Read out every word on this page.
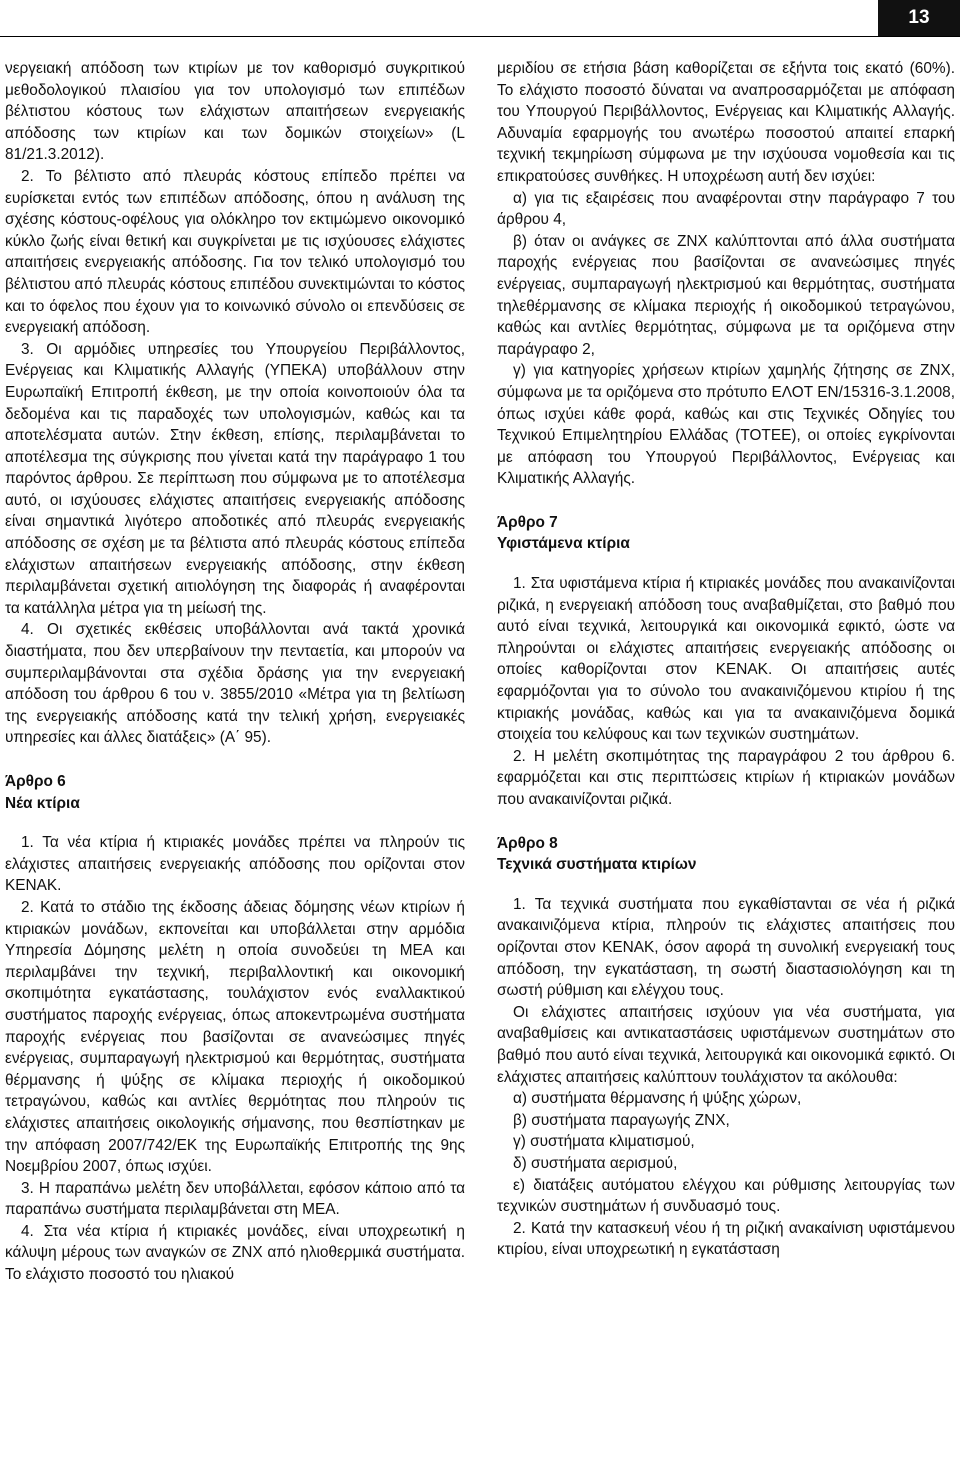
13

νεργειακή απόδοση των κτιρίων με τον καθορισμό συγκριτικού μεθοδολογικού πλαισίου για τον υπολογισμό των επιπέδων βέλτιστου κόστους των ελάχιστων απαιτήσεων ενεργειακής απόδοσης των κτιρίων και των δομικών στοιχείων» (L 81/21.3.2012).

2. Το βέλτιστο από πλευράς κόστους επίπεδο πρέπει να ευρίσκεται εντός των επιπέδων απόδοσης, όπου η ανάλυση της σχέσης κόστους-οφέλους για ολόκληρο τον εκτιμώμενο οικονομικό κύκλο ζωής είναι θετική και συγκρίνεται με τις ισχύουσες ελάχιστες απαιτήσεις ενεργειακής απόδοσης. Για τον τελικό υπολογισμό του βέλτιστου από πλευράς κόστους επιπέδου συνεκτιμώνται το κόστος και το όφελος που έχουν για το κοινωνικό σύνολο οι επενδύσεις σε ενεργειακή απόδοση.

3. Οι αρμόδιες υπηρεσίες του Υπουργείου Περιβάλλοντος, Ενέργειας και Κλιματικής Αλλαγής (ΥΠΕΚΑ) υποβάλλουν στην Ευρωπαϊκή Επιτροπή έκθεση, με την οποία κοινοποιούν όλα τα δεδομένα και τις παραδοχές των υπολογισμών, καθώς και τα αποτελέσματα αυτών. Στην έκθεση, επίσης, περιλαμβάνεται το αποτέλεσμα της σύγκρισης που γίνεται κατά την παράγραφο 1 του παρόντος άρθρου. Σε περίπτωση που σύμφωνα με το αποτέλεσμα αυτό, οι ισχύουσες ελάχιστες απαιτήσεις ενεργειακής απόδοσης είναι σημαντικά λιγότερο αποδοτικές από πλευράς ενεργειακής απόδοσης σε σχέση με τα βέλτιστα από πλευράς κόστους επίπεδα ελάχιστων απαιτήσεων ενεργειακής απόδοσης, στην έκθεση περιλαμβάνεται σχετική αιτιολόγηση της διαφοράς ή αναφέρονται τα κατάλληλα μέτρα για τη μείωσή της.

4. Οι σχετικές εκθέσεις υποβάλλονται ανά τακτά χρονικά διαστήματα, που δεν υπερβαίνουν την πενταετία, και μπορούν να συμπεριλαμβάνονται στα σχέδια δράσης για την ενεργειακή απόδοση του άρθρου 6 του ν. 3855/2010 «Μέτρα για τη βελτίωση της ενεργειακής απόδοσης κατά την τελική χρήση, ενεργειακές υπηρεσίες και άλλες διατάξεις» (Α΄ 95).

Άρθρο 6

Νέα κτίρια

1. Τα νέα κτίρια ή κτιριακές μονάδες πρέπει να πληρούν τις ελάχιστες απαιτήσεις ενεργειακής απόδοσης που ορίζονται στον ΚΕΝΑΚ.

2. Κατά το στάδιο της έκδοσης άδειας δόμησης νέων κτιρίων ή κτιριακών μονάδων, εκπονείται και υποβάλλεται στην αρμόδια Υπηρεσία Δόμησης μελέτη η οποία συνοδεύει τη ΜΕΑ και περιλαμβάνει την τεχνική, περιβαλλοντική και οικονομική σκοπιμότητα εγκατάστασης, τουλάχιστον ενός εναλλακτικού συστήματος παροχής ενέργειας, όπως αποκεντρωμένα συστήματα παροχής ενέργειας που βασίζονται σε ανανεώσιμες πηγές ενέργειας, συμπαραγωγή ηλεκτρισμού και θερμότητας, συστήματα θέρμανσης ή ψύξης σε κλίμακα περιοχής ή οικοδομικού τετραγώνου, καθώς και αντλίες θερμότητας που πληρούν τις ελάχιστες απαιτήσεις οικολογικής σήμανσης, που θεσπίστηκαν με την απόφαση 2007/742/ΕΚ της Ευρωπαϊκής Επιτροπής της 9ης Νοεμβρίου 2007, όπως ισχύει.

3. Η παραπάνω μελέτη δεν υποβάλλεται, εφόσον κάποιο από τα παραπάνω συστήματα περιλαμβάνεται στη ΜΕΑ.

4. Στα νέα κτίρια ή κτιριακές μονάδες, είναι υποχρεωτική η κάλυψη μέρους των αναγκών σε ΖΝΧ από ηλιοθερμικά συστήματα. Το ελάχιστο ποσοστό του ηλιακού

μεριδίου σε ετήσια βάση καθορίζεται σε εξήντα τοις εκατό (60%). Το ελάχιστο ποσοστό δύναται να αναπροσαρμόζεται με απόφαση του Υπουργού Περιβάλλοντος, Ενέργειας και Κλιματικής Αλλαγής. Αδυναμία εφαρμογής του ανωτέρω ποσοστού απαιτεί επαρκή τεχνική τεκμηρίωση σύμφωνα με την ισχύουσα νομοθεσία και τις επικρατούσες συνθήκες. Η υποχρέωση αυτή δεν ισχύει:

α) για τις εξαιρέσεις που αναφέρονται στην παράγραφο 7 του άρθρου 4,

β) όταν οι ανάγκες σε ΖΝΧ καλύπτονται από άλλα συστήματα παροχής ενέργειας που βασίζονται σε ανανεώσιμες πηγές ενέργειας, συμπαραγωγή ηλεκτρισμού και θερμότητας, συστήματα τηλεθέρμανσης σε κλίμακα περιοχής ή οικοδομικού τετραγώνου, καθώς και αντλίες θερμότητας, σύμφωνα με τα οριζόμενα στην παράγραφο 2,

γ) για κατηγορίες χρήσεων κτιρίων χαμηλής ζήτησης σε ΖΝΧ, σύμφωνα με τα οριζόμενα στο πρότυπο ΕΛΟΤ ΕΝ/15316-3.1.2008, όπως ισχύει κάθε φορά, καθώς και στις Τεχνικές Οδηγίες του Τεχνικού Επιμελητηρίου Ελλάδας (ΤΟΤΕΕ), οι οποίες εγκρίνονται με απόφαση του Υπουργού Περιβάλλοντος, Ενέργειας και Κλιματικής Αλλαγής.

Άρθρο 7

Υφιστάμενα κτίρια

1. Στα υφιστάμενα κτίρια ή κτιριακές μονάδες που ανακαινίζονται ριζικά, η ενεργειακή απόδοση τους αναβαθμίζεται, στο βαθμό που αυτό είναι τεχνικά, λειτουργικά και οικονομικά εφικτό, ώστε να πληρούνται οι ελάχιστες απαιτήσεις ενεργειακής απόδοσης οι οποίες καθορίζονται στον ΚΕΝΑΚ. Οι απαιτήσεις αυτές εφαρμόζονται για το σύνολο του ανακαινιζόμενου κτιρίου ή της κτιριακής μονάδας, καθώς και για τα ανακαινιζόμενα δομικά στοιχεία του κελύφους και των τεχνικών συστημάτων.

2. Η μελέτη σκοπιμότητας της παραγράφου 2 του άρθρου 6. εφαρμόζεται και στις περιπτώσεις κτιρίων ή κτιριακών μονάδων που ανακαινίζονται ριζικά.

Άρθρο 8

Τεχνικά συστήματα κτιρίων

1. Τα τεχνικά συστήματα που εγκαθίστανται σε νέα ή ριζικά ανακαινιζόμενα κτίρια, πληρούν τις ελάχιστες απαιτήσεις που ορίζονται στον ΚΕΝΑΚ, όσον αφορά τη συνολική ενεργειακή τους απόδοση, την εγκατάσταση, τη σωστή διαστασιολόγηση και τη σωστή ρύθμιση και ελέγχου τους.

Οι ελάχιστες απαιτήσεις ισχύουν για νέα συστήματα, για αναβαθμίσεις και αντικαταστάσεις υφιστάμενων συστημάτων στο βαθμό που αυτό είναι τεχνικά, λειτουργικά και οικονομικά εφικτό. Οι ελάχιστες απαιτήσεις καλύπτουν τουλάχιστον τα ακόλουθα:

α) συστήματα θέρμανσης ή ψύξης χώρων,

β) συστήματα παραγωγής ΖΝΧ,

γ) συστήματα κλιματισμού,

δ) συστήματα αερισμού,

ε) διατάξεις αυτόματου ελέγχου και ρύθμισης λειτουργίας των τεχνικών συστημάτων ή συνδυασμό τους.

2. Κατά την κατασκευή νέου ή τη ριζική ανακαίνιση υφιστάμενου κτιρίου, είναι υποχρεωτική η εγκατάσταση
